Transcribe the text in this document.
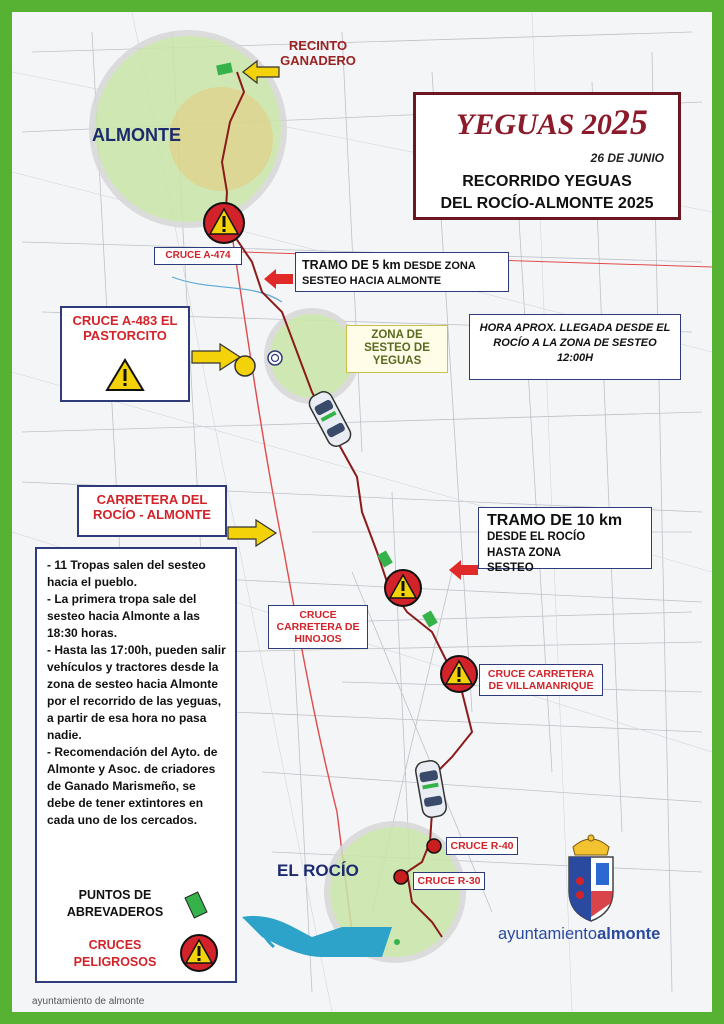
ALMONTE
EL ROCÍO
RECINTO GANADERO
ZONA DE SESTEO DE YEGUAS
YEGUAS 2025
26 DE JUNIO
RECORRIDO YEGUAS
DEL ROCÍO-ALMONTE 2025
CRUCE A-474
TRAMO DE 5 km DESDE ZONA SESTEO HACIA ALMONTE
CRUCE A-483 EL PASTORCITO	HORA APROX. LLEGADA DESDE EL ROCÍO A LA ZONA DE SESTEO 12:00H
CARRETERA DEL ROCÍO - ALMONTE	TRAMO DE 10 km
DESDE EL ROCÍO HASTA ZONA SESTEO
CRUCE CARRETERA DE HINOJOS
CRUCE CARRETERA DE VILLAMANRIQUE
CRUCE R-40
CRUCE R-30
- 11 Tropas salen del sesteo hacia el pueblo.
- La primera tropa sale del sesteo hacia Almonte a las 18:30 horas.
- Hasta las 17:00h, pueden salir vehículos y tractores desde la zona de sesteo hacia Almonte por el recorrido de las yeguas, a partir de esa hora no pasa nadie.
- Recomendación del Ayto. de Almonte y Asoc. de criadores de Ganado Marismeño, se debe de tener extintores en cada uno de los cercados.
PUNTOS DE ABREVADEROS
CRUCES PELIGROSOS
ayuntamientoalmonte
ayuntamiento de almonte
